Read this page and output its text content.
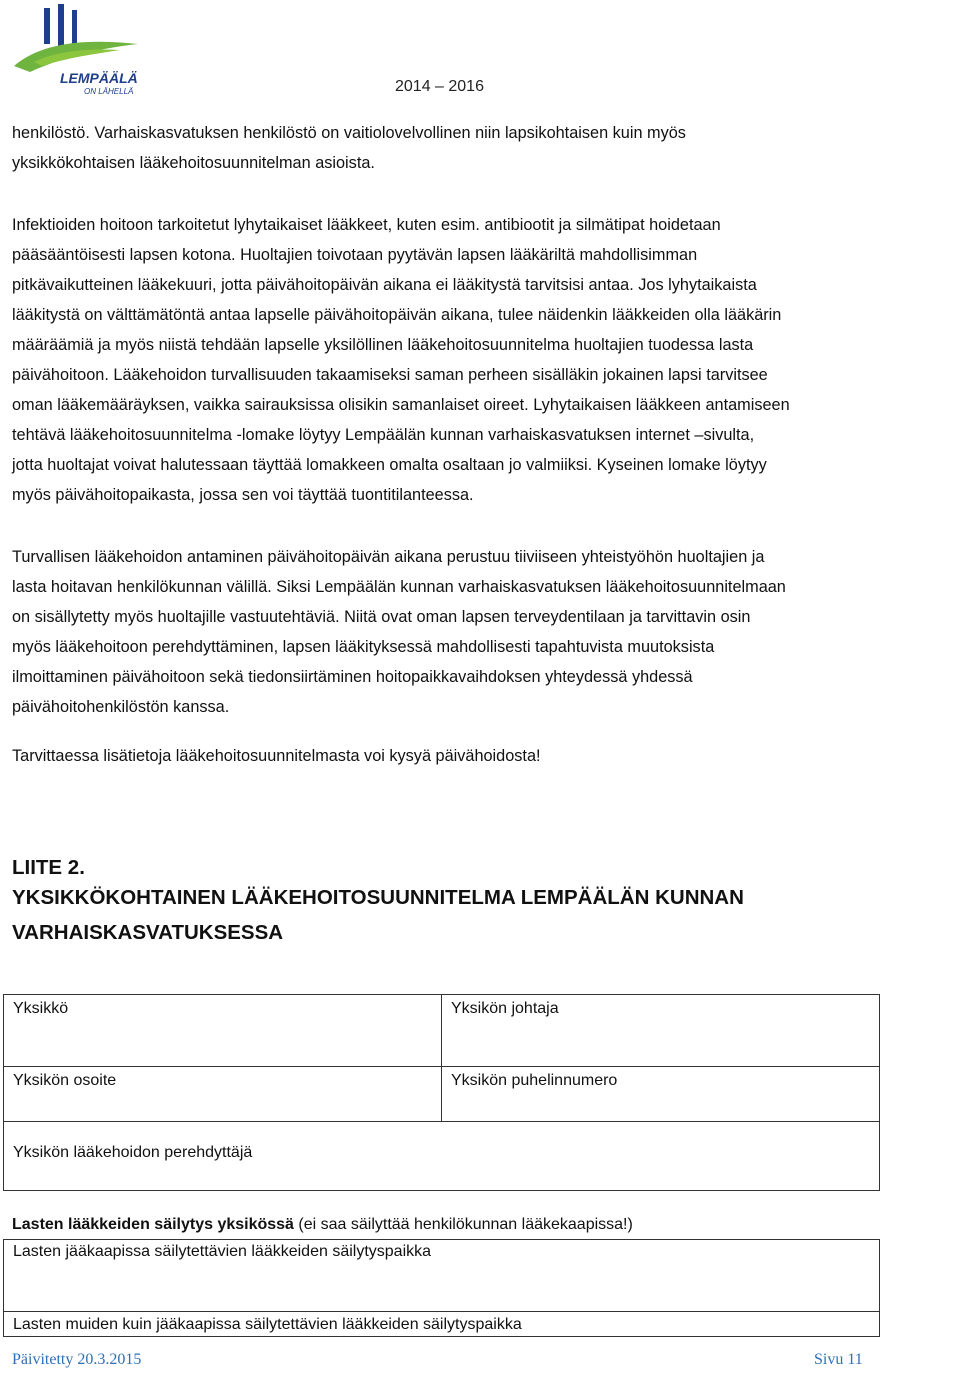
LEMPÄÄLÄ
ON LÄHELLÄ	2014 – 2016
henkilöstö. Varhaiskasvatuksen henkilöstö on vaitiolovelvollinen niin lapsikohtaisen kuin myös
yksikkökohtaisen lääkehoitosuunnitelman asioista.
Infektioiden hoitoon tarkoitetut lyhytaikaiset lääkkeet, kuten esim. antibiootit ja silmätipat hoidetaan
pääsääntöisesti lapsen kotona. Huoltajien toivotaan pyytävän lapsen lääkäriltä mahdollisimman
pitkävaikutteinen lääkekuuri, jotta päivähoitopäivän aikana ei lääkitystä tarvitsisi antaa. Jos lyhytaikaista
lääkitystä on välttämätöntä antaa lapselle päivähoitopäivän aikana, tulee näidenkin lääkkeiden olla lääkärin
määräämiä ja myös niistä tehdään lapselle yksilöllinen lääkehoitosuunnitelma huoltajien tuodessa lasta
päivähoitoon. Lääkehoidon turvallisuuden takaamiseksi saman perheen sisälläkin jokainen lapsi tarvitsee
oman lääkemääräyksen, vaikka sairauksissa olisikin samanlaiset oireet. Lyhytaikaisen lääkkeen antamiseen
tehtävä lääkehoitosuunnitelma -lomake löytyy Lempäälän kunnan varhaiskasvatuksen internet –sivulta,
jotta huoltajat voivat halutessaan täyttää lomakkeen omalta osaltaan jo valmiiksi. Kyseinen lomake löytyy
myös päivähoitopaikasta, jossa sen voi täyttää tuontitilanteessa.
Turvallisen lääkehoidon antaminen päivähoitopäivän aikana perustuu tiiviiseen yhteistyöhön huoltajien ja
lasta hoitavan henkilökunnan välillä. Siksi Lempäälän kunnan varhaiskasvatuksen lääkehoitosuunnitelmaan
on sisällytetty myös huoltajille vastuutehtäviä. Niitä ovat oman lapsen terveydentilaan ja tarvittavin osin
myös lääkehoitoon perehdyttäminen, lapsen lääkityksessä mahdollisesti tapahtuvista muutoksista
ilmoittaminen päivähoitoon sekä tiedonsiirtäminen hoitopaikkavaihdoksen yhteydessä yhdessä
päivähoitohenkilöstön kanssa.
Tarvittaessa lisätietoja lääkehoitosuunnitelmasta voi kysyä päivähoidosta!
LIITE 2.
YKSIKKÖKOHTAINEN LÄÄKEHOITOSUUNNITELMA LEMPÄÄLÄN KUNNAN
VARHAISKASVATUKSESSA
Yksikkö	Yksikön johtaja
Yksikön osoite	Yksikön puhelinnumero
Yksikön lääkehoidon perehdyttäjä
Lasten lääkkeiden säilytys yksikössä (ei saa säilyttää henkilökunnan lääkekaapissa!)
Lasten jääkaapissa säilytettävien lääkkeiden säilytyspaikka
Lasten muiden kuin jääkaapissa säilytettävien lääkkeiden säilytyspaikka
Päivitetty 20.3.2015	Sivu 11
